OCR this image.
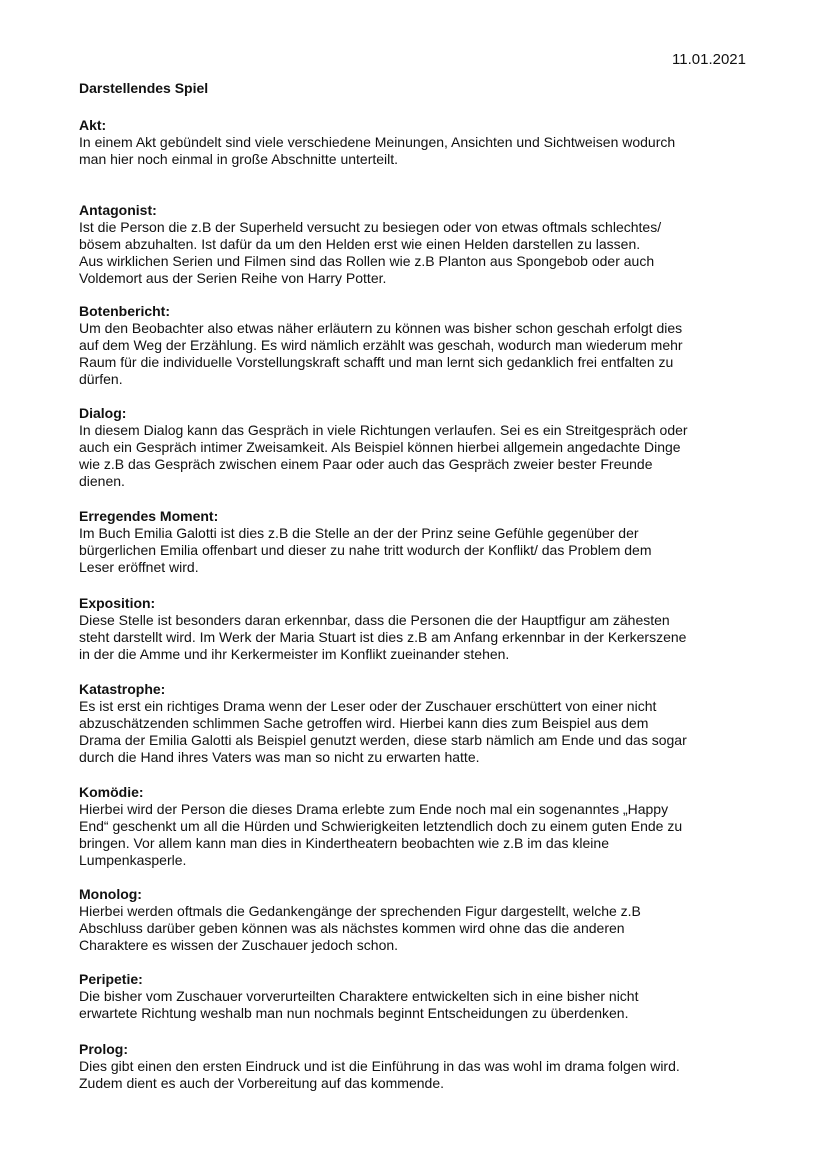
11.01.2021
Darstellendes Spiel
Akt:
In einem Akt gebündelt sind viele verschiedene Meinungen, Ansichten und Sichtweisen wodurch
man hier noch einmal in große Abschnitte unterteilt.
Antagonist:
Ist die Person die z.B der Superheld versucht zu besiegen oder von etwas oftmals schlechtes/
bösem abzuhalten. Ist dafür da um den Helden erst wie einen Helden darstellen zu lassen.
Aus wirklichen Serien und Filmen sind das Rollen wie z.B Planton aus Spongebob oder auch
Voldemort aus der Serien Reihe von Harry Potter.
Botenbericht:
Um den Beobachter also etwas näher erläutern zu können was bisher schon geschah erfolgt dies
auf dem Weg der Erzählung. Es wird nämlich erzählt was geschah, wodurch man wiederum mehr
Raum für die individuelle Vorstellungskraft schafft und man lernt sich gedanklich frei entfalten zu
dürfen.
Dialog:
In diesem Dialog kann das Gespräch in viele Richtungen verlaufen. Sei es ein Streitgespräch oder
auch ein Gespräch intimer Zweisamkeit. Als Beispiel können hierbei allgemein angedachte Dinge
wie z.B das Gespräch zwischen einem Paar oder auch das Gespräch zweier bester Freunde
dienen.
Erregendes Moment:
Im Buch Emilia Galotti ist dies z.B die Stelle an der der Prinz seine Gefühle gegenüber der
bürgerlichen Emilia offenbart und dieser zu nahe tritt wodurch der Konflikt/ das Problem dem
Leser eröffnet wird.
Exposition:
Diese Stelle ist besonders daran erkennbar, dass die Personen die der Hauptfigur am zähesten
steht darstellt wird. Im Werk der Maria Stuart ist dies z.B am Anfang erkennbar in der Kerkerszene
in der die Amme und ihr Kerkermeister im Konflikt zueinander stehen.
Katastrophe:
Es ist erst ein richtiges Drama wenn der Leser oder der Zuschauer erschüttert von einer nicht
abzuschätzenden schlimmen Sache getroffen wird. Hierbei kann dies zum Beispiel aus dem
Drama der Emilia Galotti als Beispiel genutzt werden, diese starb nämlich am Ende und das sogar
durch die Hand ihres Vaters was man so nicht zu erwarten hatte.
Komödie:
Hierbei wird der Person die dieses Drama erlebte zum Ende noch mal ein sogenanntes „Happy
End“ geschenkt um all die Hürden und Schwierigkeiten letztendlich doch zu einem guten Ende zu
bringen. Vor allem kann man dies in Kindertheatern beobachten wie z.B im das kleine
Lumpenkasperle.
Monolog:
Hierbei werden oftmals die Gedankengänge der sprechenden Figur dargestellt, welche z.B
Abschluss darüber geben können was als nächstes kommen wird ohne das die anderen
Charaktere es wissen der Zuschauer jedoch schon.
Peripetie:
Die bisher vom Zuschauer vorverurteilten Charaktere entwickelten sich in eine bisher nicht
erwartete Richtung weshalb man nun nochmals beginnt Entscheidungen zu überdenken.
Prolog:
Dies gibt einen den ersten Eindruck und ist die Einführung in das was wohl im drama folgen wird.
Zudem dient es auch der Vorbereitung auf das kommende.
